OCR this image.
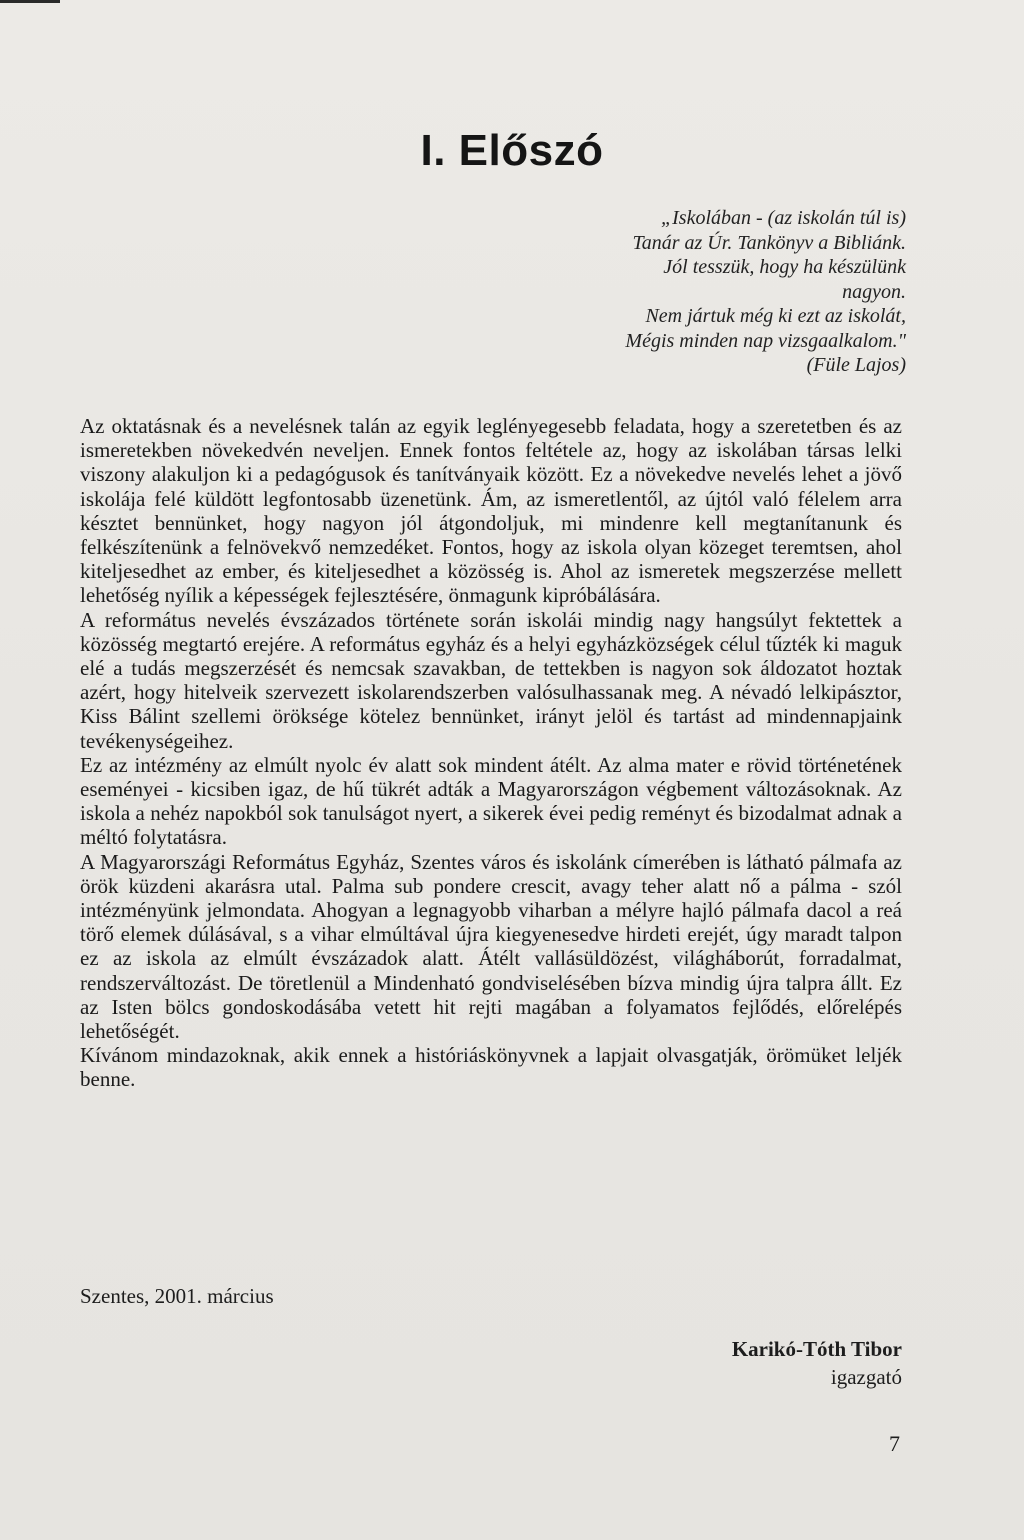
I. Előszó
„Iskolában - (az iskolán túl is)
Tanár az Úr. Tankönyv a Bibliánk.
Jól tesszük, hogy ha készülünk
nagyon.
Nem jártuk még ki ezt az iskolát,
Mégis minden nap vizsgaalkalom."
(Füle Lajos)

Az oktatásnak és a nevelésnek talán az egyik leglényegesebb feladata, hogy a szeretetben és az ismeretekben növekedvén neveljen. Ennek fontos feltétele az, hogy az iskolában társas lelki viszony alakuljon ki a pedagógusok és tanítványaik között. Ez a növekedve nevelés lehet a jövő iskolája felé küldött legfontosabb üzenetünk. Ám, az ismeretlentől, az újtól való félelem arra késztet bennünket, hogy nagyon jól átgondoljuk, mi mindenre kell megtanítanunk és felkészítenünk a felnövekvő nemzedéket. Fontos, hogy az iskola olyan közeget teremtsen, ahol kiteljesedhet az ember, és kiteljesedhet a közösség is. Ahol az ismeretek megszerzése mellett lehetőség nyílik a képességek fejlesztésére, önmagunk kipróbálására.

A református nevelés évszázados története során iskolái mindig nagy hangsúlyt fektettek a közösség megtartó erejére. A református egyház és a helyi egyházközségek célul tűzték ki maguk elé a tudás megszerzését és nemcsak szavakban, de tettekben is nagyon sok áldozatot hoztak azért, hogy hitelveik szervezett iskolarendszerben valósulhassanak meg. A névadó lelkipásztor, Kiss Bálint szellemi öröksége kötelez bennünket, irányt jelöl és tartást ad mindennapjaink tevékenységeihez.

Ez az intézmény az elmúlt nyolc év alatt sok mindent átélt. Az alma mater e rövid történetének eseményei - kicsiben igaz, de hű tükrét adták a Magyarországon végbement változásoknak. Az iskola a nehéz napokból sok tanulságot nyert, a sikerek évei pedig reményt és bizodalmat adnak a méltó folytatásra.

A Magyarországi Református Egyház, Szentes város és iskolánk címerében is látható pálmafa az örök küzdeni akarásra utal. Palma sub pondere crescit, avagy teher alatt nő a pálma - szól intézményünk jelmondata. Ahogyan a legnagyobb viharban a mélyre hajló pálmafa dacol a reá törő elemek dúlásával, s a vihar elmúltával újra kiegyenesedve hirdeti erejét, úgy maradt talpon ez az iskola az elmúlt évszázadok alatt. Átélt vallásüldözést, világháborút, forradalmat, rendszerváltozást. De töretlenül a Mindenható gondviselésében bízva mindig újra talpra állt. Ez az Isten bölcs gondoskodásába vetett hit rejti magában a folyamatos fejlődés, előrelépés lehetőségét.

Kívánom mindazoknak, akik ennek a históriáskönyvnek a lapjait olvasgatják, örömüket leljék benne.

Szentes, 2001. március
Karikó-Tóth Tibor
igazgató
7
